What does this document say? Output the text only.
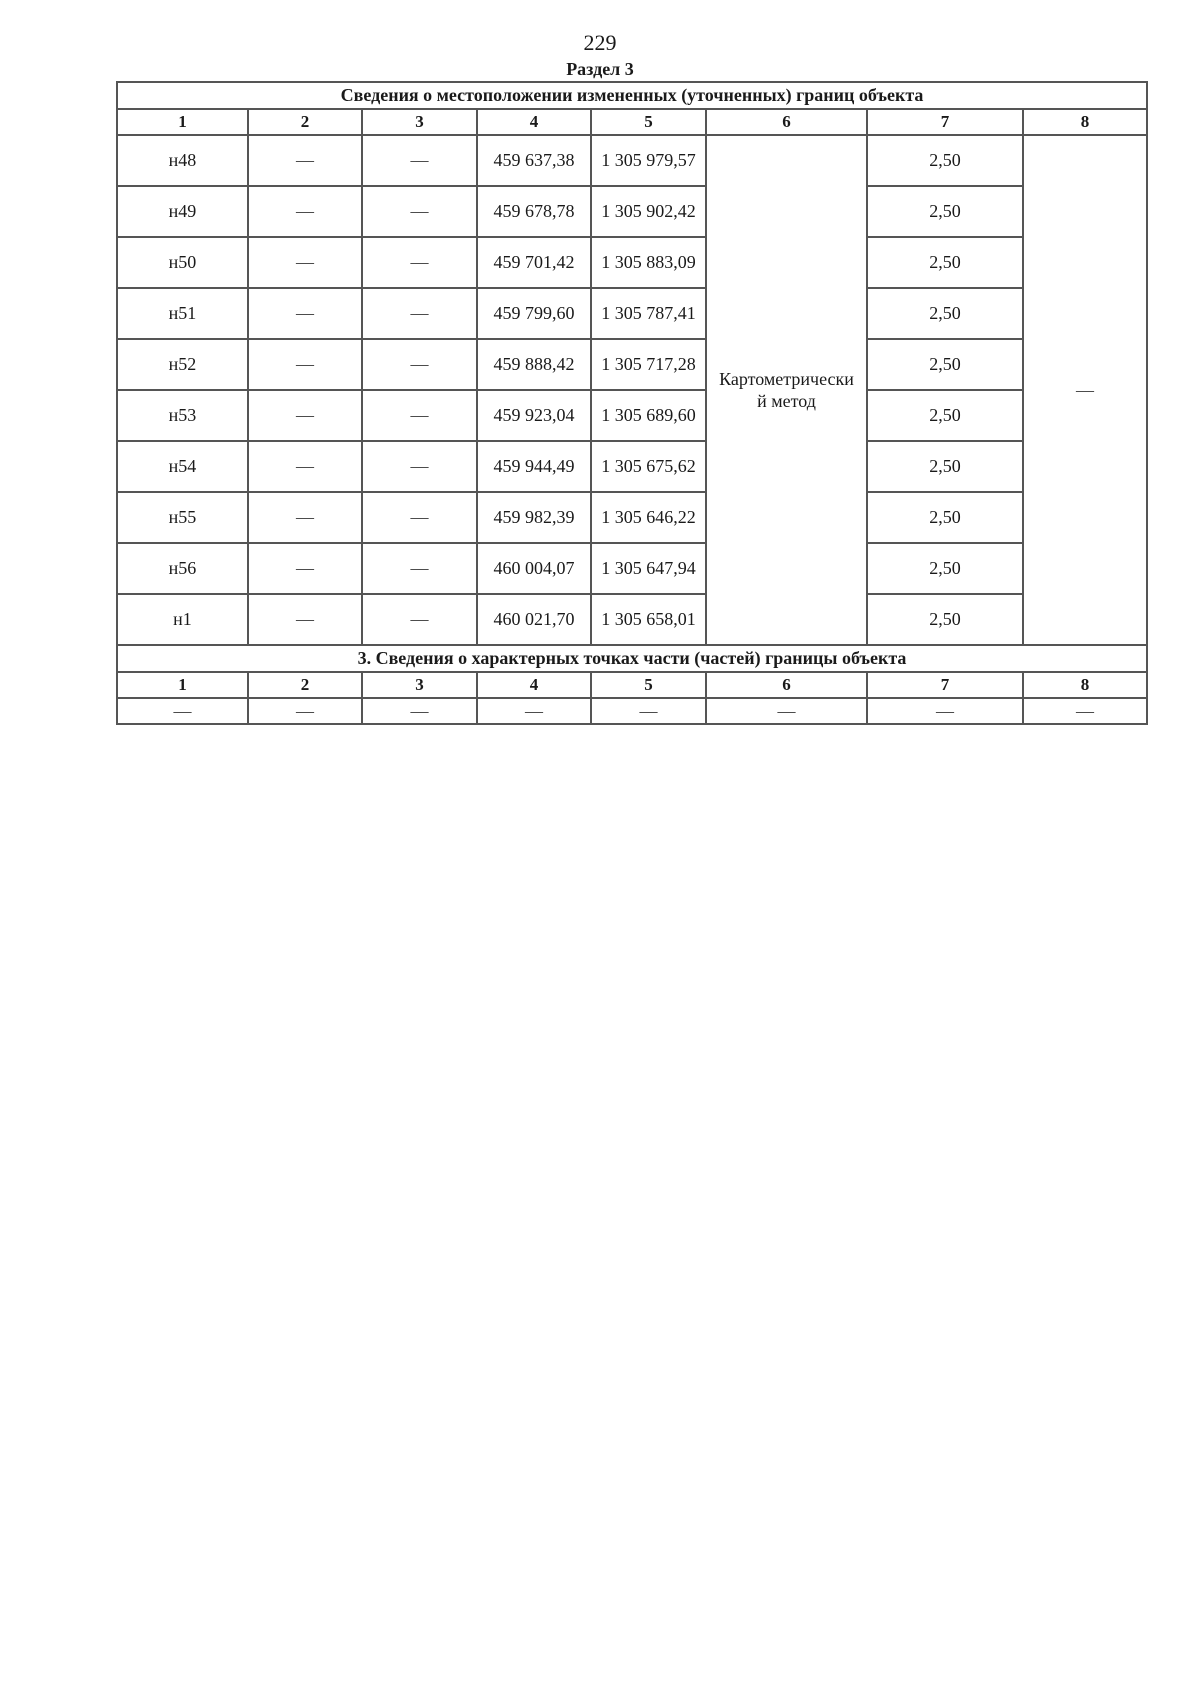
229
Раздел 3
Сведения о местоположении измененных (уточненных) границ объекта							
1	2	3	4	5	6	7	8
н48	—	—	459 637,38	1 305 979,57	Картометрически
й метод	2,50	—
н49	—	—	459 678,78	1 305 902,42		2,50	
н50	—	—	459 701,42	1 305 883,09		2,50	
н51	—	—	459 799,60	1 305 787,41		2,50	
н52	—	—	459 888,42	1 305 717,28		2,50	
н53	—	—	459 923,04	1 305 689,60		2,50	
н54	—	—	459 944,49	1 305 675,62		2,50	
н55	—	—	459 982,39	1 305 646,22		2,50	
н56	—	—	460 004,07	1 305 647,94		2,50	
н1	—	—	460 021,70	1 305 658,01		2,50	
3. Сведения о характерных точках части (частей) границы объекта							
1	2	3	4	5	6	7	8
—	—	—	—	—	—	—	—
